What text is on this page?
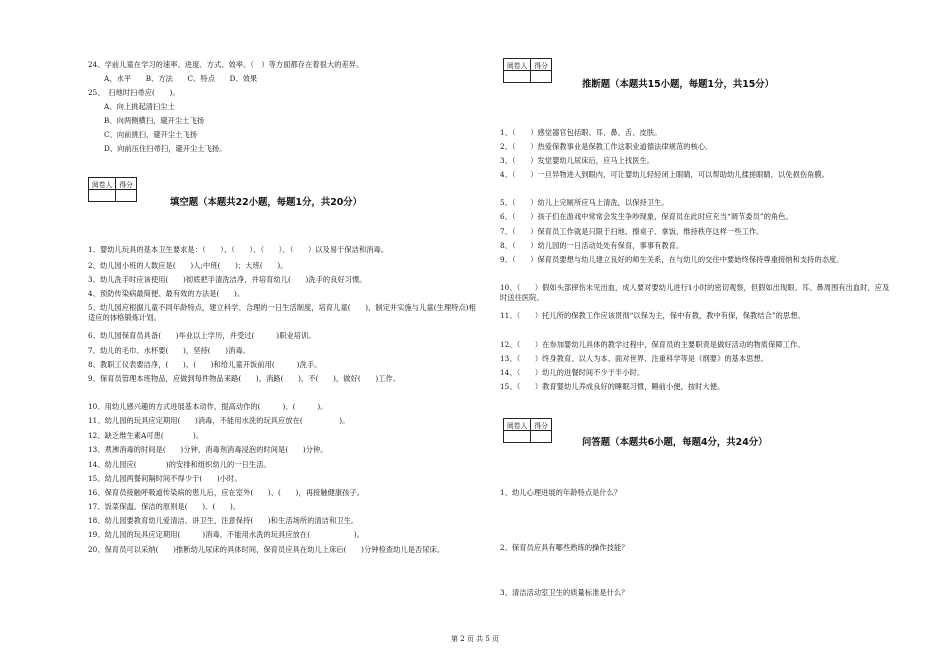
24、学前儿童在学习的速率、进度、方式、效率、（　）等方面都存在着很大的差异。
A、水平　　B、方法　　C、特点　　D、效果
25、　扫地时扫帚应(　　)。
A、向上挑起清扫尘土
B、向两侧横扫，避开尘土飞扬
C、向前挑扫，避开尘土飞扬
D、向前压住扫帚扫，避开尘土飞扬。
阅卷人	得分

填空题（本题共22小题，每题1分，共20分）
1、婴幼儿玩具的基本卫生要求是：（　　）、（　　）、（　　）、（　　）以及易于保洁和消毒。
2、幼儿园小班的人数应是(　　)人;中班(　　)；大班(　　)。
3、幼儿洗手时应该使用(　　)彻底把手清洗洁净，并培育幼儿(　　)洗手的良好习惯。
4、预防传染病最简便、最有效的方法是(　　)。
5、幼儿园应根据儿童不同年龄特点，建立科学、合理的一日生活制度，培育儿童(　　)，制定并实施与儿童(生理特点)相适应的体格锻炼计划。
6、幼儿园保育员具备(　　)毕业以上学历，并受过(　　　)职业培训。
7、幼儿的毛巾、水杯要(　　)，坚持(　　)消毒。
8、教职工仪表要洁净，(　　)、(　　)和给儿童开饭前用(　　　)洗手。
9、保育员管理本班物品，应做到每件物品来路(　　)，消路(　　)，不(　　)，做好(　　)工作。
10、用幼儿感兴趣的方式进展基本动作，提高动作的(　　　)、(　　　)。
11、幼儿园的玩具应定期用(　　)消毒，不能用水洗的玩具应放在(　　　　　)。
12、缺乏维生素A可患(　　　　)。
13、煮沸消毒的时间是(　　)分钟，消毒剂消毒浸泡的时间是(　　)分钟。
14、幼儿园应(　　　　)的安排和组织幼儿的一日生活。
15、幼儿园两餐间隔时间不得少于(　　)小时。
16、保育员接触呼吸道传染病的患儿后，应在室外(　　)、(　　)，再接触健康孩子。
17、饭菜保温、保洁的原则是(　　)、(　　)。
18、幼儿园要教育幼儿爱清洁、讲卫生，注意保持(　　)和生活场所的清洁和卫生。
19、幼儿园的玩具应定期用(　　　)消毒，不能用水洗的玩具应放在(　　　　　　)。
20、保育员可以采纳(　　)推断幼儿尿床的具体时间，保育员应具在幼儿上床后(　　)分钟检查幼儿是否尿床。
阅卷人	得分

推断题（本题共15小题，每题1分，共15分）
1、（　　）感觉器官包括眼、耳、鼻、舌、皮肤。
2、（　　）热爱保教事业是保教工作这职业道德法律规范的核心。
3、（　　）发觉婴幼儿尿床后，应马上找医生。
4、（　　）一旦异物进入到眼内，可让婴幼儿轻轻闭上眼睛，可以帮助幼儿揉搓眼睛，以免损伤角膜。
5、（　　）幼儿上完厕所应马上清洗，以保持卫生。
6、（　　）孩子们在游戏中常常会发生争吵现象，保育员在此时应充当“调节委员”的角色。
7、（　　）保育员工作就是只限于扫地、擦桌子、拿饭、维持秩序这样一些工作。
8、（　　）幼儿园的一日活动处处有保育，事事有教育。
9、（　　）保育员要想与幼儿建立良好的师生关系，在与幼儿的交往中要始终保持尊重接纳和支持的态度。
10、（　　）假如头部摔伤未见出血，成人要对要幼儿进行1小时的密切观察，但假如出现眼、耳、鼻周围有出血时，应及时送往医院。
11、（　　）托儿所的保教工作应该贯彻“以保为主，保中有教，教中有保，保教结合”的思想。
12、（　　）在参加婴幼儿具体的教学过程中，保育员的主要职责是做好活动的物质保障工作。
13、（　　）终身教育、以人为本、面对世界、注重科学等是《纲要》的基本思想。
14、（　　）幼儿的进餐时间不少于半小时。
15、（　　）教育婴幼儿养成良好的睡眠习惯，睡前小便，按时大便。
阅卷人	得分

问答题（本题共6小题，每题4分，共24分）
1、幼儿心理进展的年龄特点是什么？
2、保育员应具有哪些熟练的操作技能？
3、清洁活动室卫生的质量标准是什么？
第 2 页 共 5 页
